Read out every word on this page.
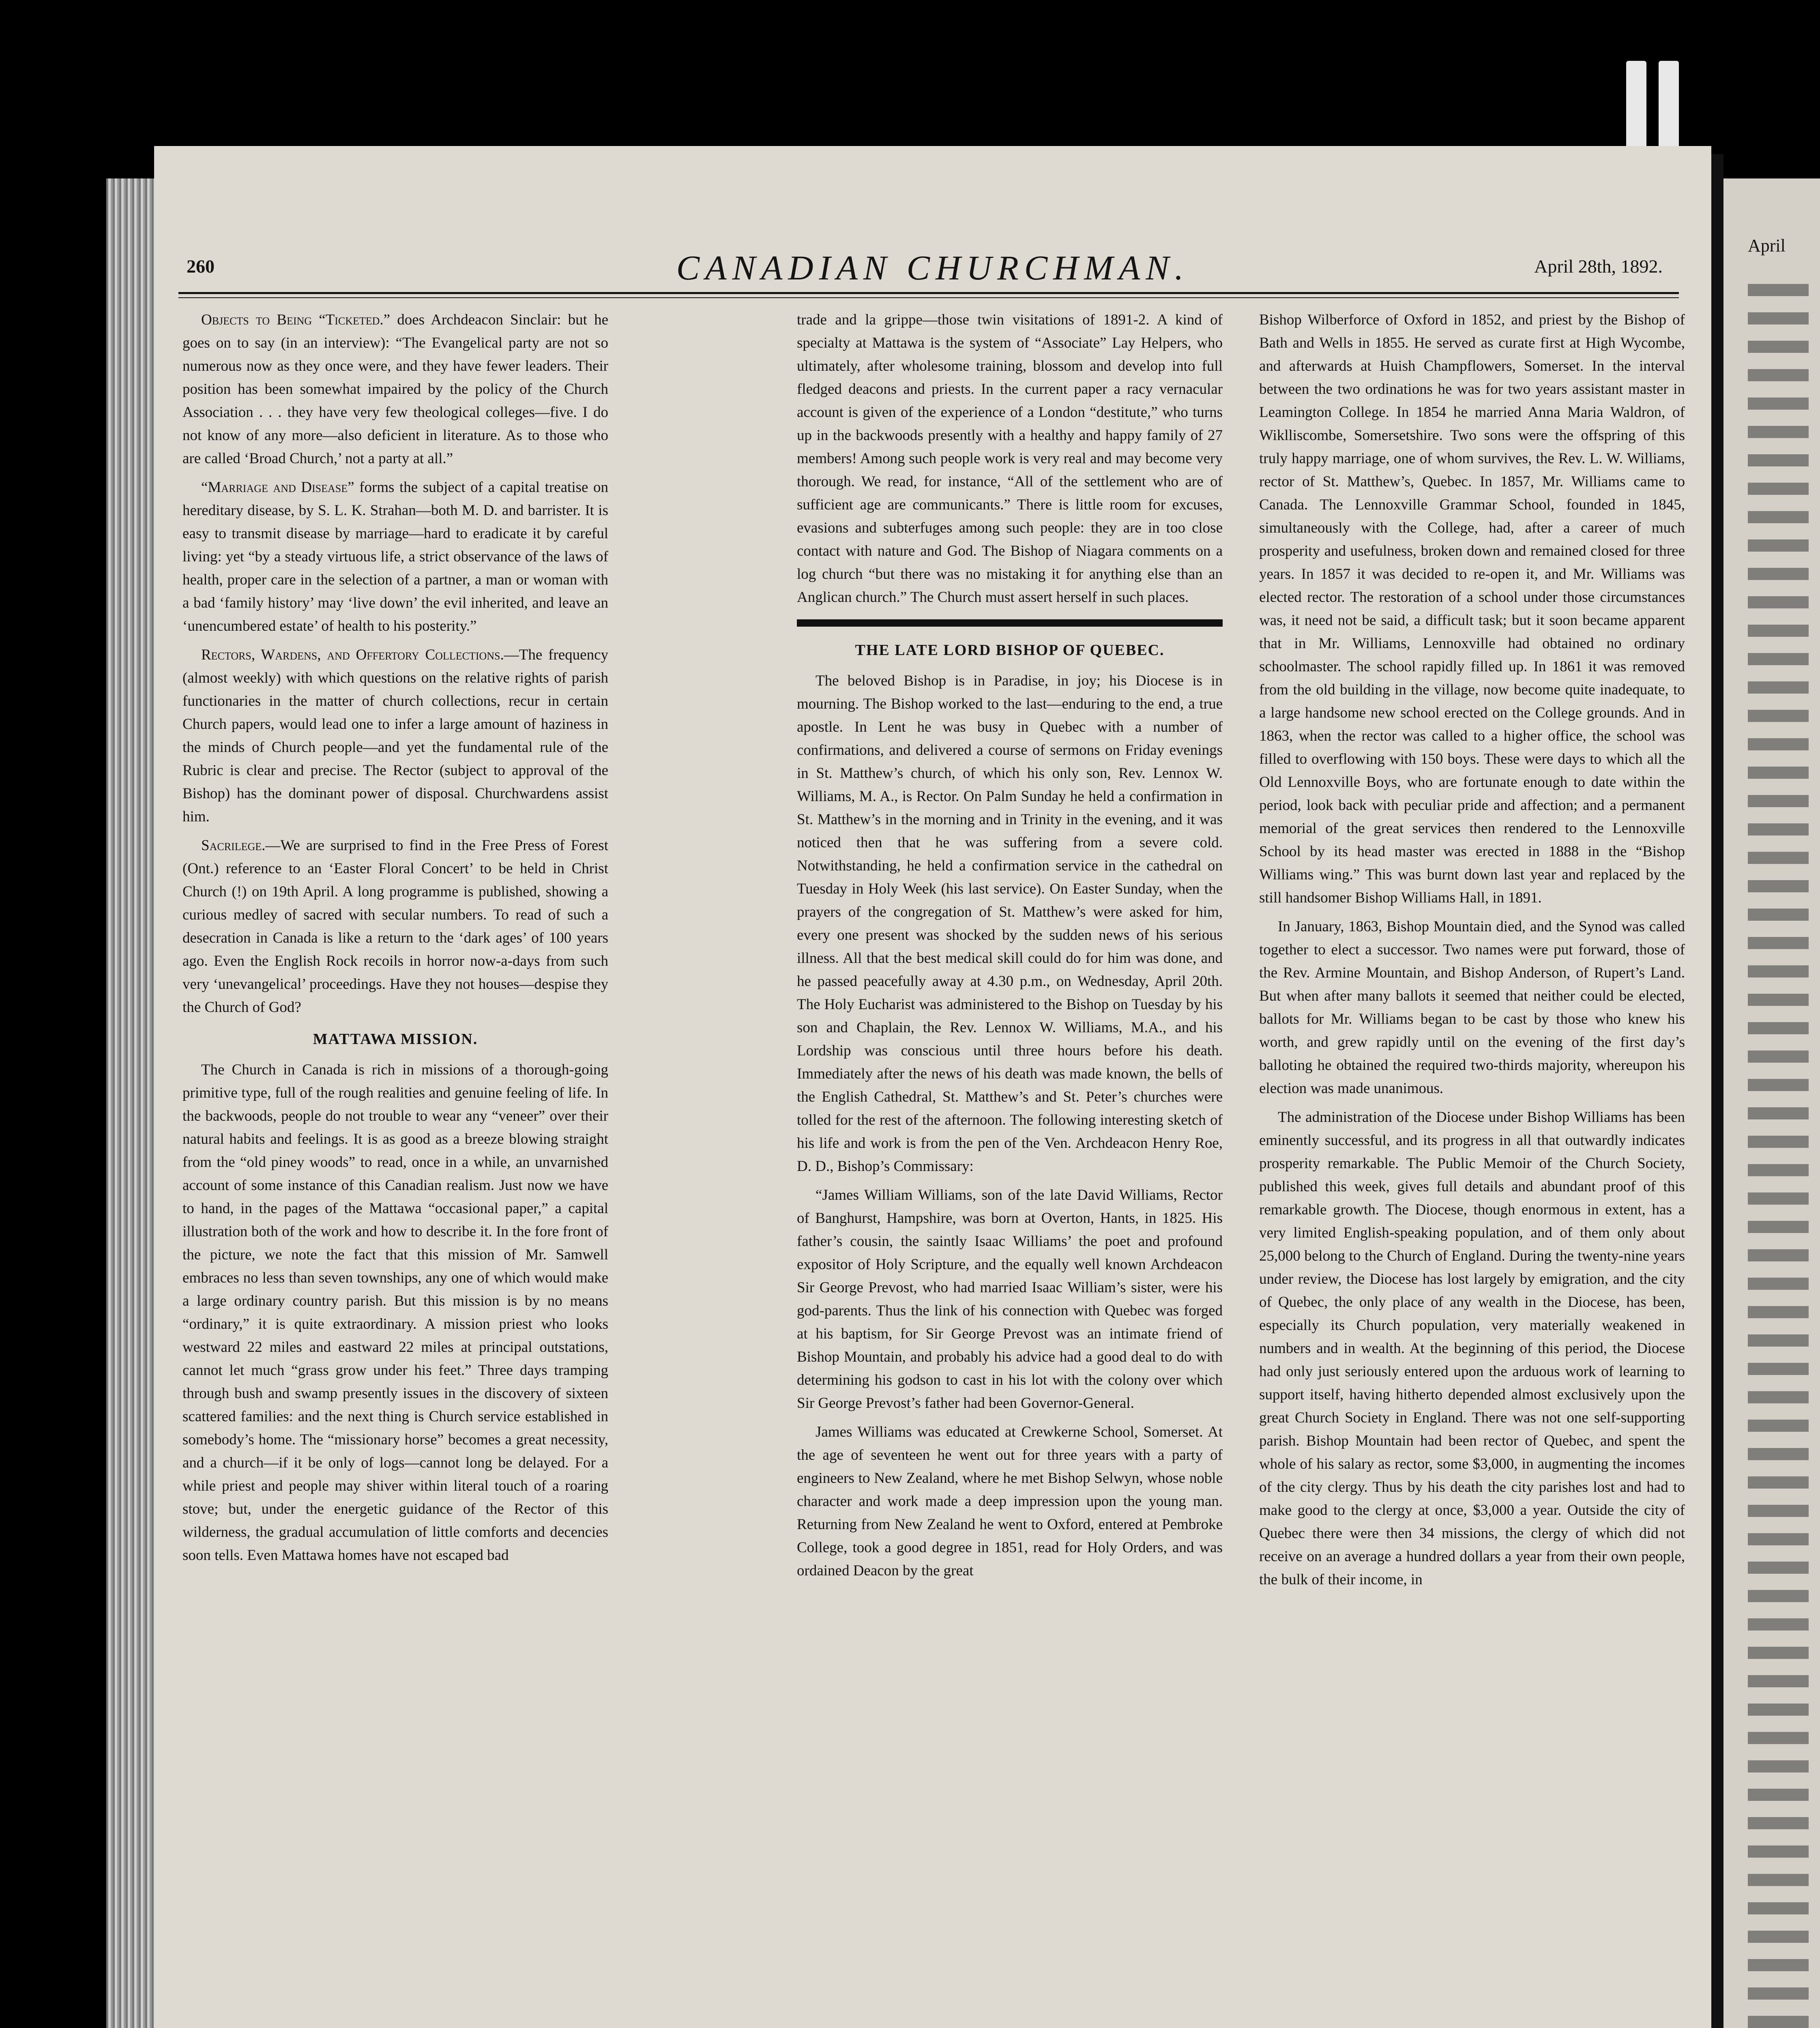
April
260	CANADIAN CHURCHMAN.	April 28th, 1892.

Objects to Being “Ticketed.” does Archdeacon Sinclair: but he goes on to say (in an interview): “The Evangelical party are not so numerous now as they once were, and they have fewer leaders. Their position has been somewhat impaired by the policy of the Church Association . . . they have very few theological colleges—five. I do not know of any more—also deficient in literature. As to those who are called ‘Broad Church,’ not a party at all.”

“Marriage and Disease” forms the subject of a capital treatise on hereditary disease, by S. L. K. Strahan—both M. D. and barrister. It is easy to transmit disease by marriage—hard to eradicate it by careful living: yet “by a steady virtuous life, a strict observance of the laws of health, proper care in the selection of a partner, a man or woman with a bad ‘family history’ may ‘live down’ the evil inherited, and leave an ‘unencumbered estate’ of health to his posterity.”

Rectors, Wardens, and Offertory Collections.—The frequency (almost weekly) with which questions on the relative rights of parish functionaries in the matter of church collections, recur in certain Church papers, would lead one to infer a large amount of haziness in the minds of Church people—and yet the fundamental rule of the Rubric is clear and precise. The Rector (subject to approval of the Bishop) has the dominant power of disposal. Churchwardens assist him.

Sacrilege.—We are surprised to find in the Free Press of Forest (Ont.) reference to an ‘Easter Floral Concert’ to be held in Christ Church (!) on 19th April. A long programme is published, showing a curious medley of sacred with secular numbers. To read of such a desecration in Canada is like a return to the ‘dark ages’ of 100 years ago. Even the English Rock recoils in horror now-a-days from such very ‘unevangelical’ proceedings. Have they not houses—despise they the Church of God?

MATTAWA MISSION.

The Church in Canada is rich in missions of a thorough-going primitive type, full of the rough realities and genuine feeling of life. In the backwoods, people do not trouble to wear any “veneer” over their natural habits and feelings. It is as good as a breeze blowing straight from the “old piney woods” to read, once in a while, an unvarnished account of some instance of this Canadian realism. Just now we have to hand, in the pages of the Mattawa “occasional paper,” a capital illustration both of the work and how to describe it. In the fore front of the picture, we note the fact that this mission of Mr. Samwell embraces no less than seven townships, any one of which would make a large ordinary country parish. But this mission is by no means “ordinary,” it is quite extraordinary. A mission priest who looks westward 22 miles and eastward 22 miles at principal outstations, cannot let much “grass grow under his feet.” Three days tramping through bush and swamp presently issues in the discovery of sixteen scattered families: and the next thing is Church service established in somebody’s home. The “missionary horse” becomes a great necessity, and a church—if it be only of logs—cannot long be delayed. For a while priest and people may shiver within literal touch of a roaring stove; but, under the energetic guidance of the Rector of this wilderness, the gradual accumulation of little comforts and decencies soon tells. Even Mattawa homes have not escaped bad

trade and la grippe—those twin visitations of 1891-2. A kind of specialty at Mattawa is the system of “Associate” Lay Helpers, who ultimately, after wholesome training, blossom and develop into full fledged deacons and priests. In the current paper a racy vernacular account is given of the experience of a London “destitute,” who turns up in the backwoods presently with a healthy and happy family of 27 members! Among such people work is very real and may become very thorough. We read, for instance, “All of the settlement who are of sufficient age are communicants.” There is little room for excuses, evasions and subterfuges among such people: they are in too close contact with nature and God. The Bishop of Niagara comments on a log church “but there was no mistaking it for anything else than an Anglican church.” The Church must assert herself in such places.

THE LATE LORD BISHOP OF QUEBEC.

The beloved Bishop is in Paradise, in joy; his Diocese is in mourning. The Bishop worked to the last—enduring to the end, a true apostle. In Lent he was busy in Quebec with a number of confirmations, and delivered a course of sermons on Friday evenings in St. Matthew’s church, of which his only son, Rev. Lennox W. Williams, M. A., is Rector. On Palm Sunday he held a confirmation in St. Matthew’s in the morning and in Trinity in the evening, and it was noticed then that he was suffering from a severe cold. Notwithstanding, he held a confirmation service in the cathedral on Tuesday in Holy Week (his last service). On Easter Sunday, when the prayers of the congregation of St. Matthew’s were asked for him, every one present was shocked by the sudden news of his serious illness. All that the best medical skill could do for him was done, and he passed peacefully away at 4.30 p.m., on Wednesday, April 20th. The Holy Eucharist was administered to the Bishop on Tuesday by his son and Chaplain, the Rev. Lennox W. Williams, M.A., and his Lordship was conscious until three hours before his death. Immediately after the news of his death was made known, the bells of the English Cathedral, St. Matthew’s and St. Peter’s churches were tolled for the rest of the afternoon. The following interesting sketch of his life and work is from the pen of the Ven. Archdeacon Henry Roe, D. D., Bishop’s Commissary:

“James William Williams, son of the late David Williams, Rector of Banghurst, Hampshire, was born at Overton, Hants, in 1825. His father’s cousin, the saintly Isaac Williams’ the poet and profound expositor of Holy Scripture, and the equally well known Archdeacon Sir George Prevost, who had married Isaac William’s sister, were his god-parents. Thus the link of his connection with Quebec was forged at his baptism, for Sir George Prevost was an intimate friend of Bishop Mountain, and probably his advice had a good deal to do with determining his godson to cast in his lot with the colony over which Sir George Prevost’s father had been Governor-General.

James Williams was educated at Crewkerne School, Somerset. At the age of seventeen he went out for three years with a party of engineers to New Zealand, where he met Bishop Selwyn, whose noble character and work made a deep impression upon the young man. Returning from New Zealand he went to Oxford, entered at Pembroke College, took a good degree in 1851, read for Holy Orders, and was ordained Deacon by the great

Bishop Wilberforce of Oxford in 1852, and priest by the Bishop of Bath and Wells in 1855. He served as curate first at High Wycombe, and afterwards at Huish Champflowers, Somerset. In the interval between the two ordinations he was for two years assistant master in Leamington College. In 1854 he married Anna Maria Waldron, of Wiklliscombe, Somersetshire. Two sons were the offspring of this truly happy marriage, one of whom survives, the Rev. L. W. Williams, rector of St. Matthew’s, Quebec. In 1857, Mr. Williams came to Canada. The Lennoxville Grammar School, founded in 1845, simultaneously with the College, had, after a career of much prosperity and usefulness, broken down and remained closed for three years. In 1857 it was decided to re-open it, and Mr. Williams was elected rector. The restoration of a school under those circumstances was, it need not be said, a difficult task; but it soon became apparent that in Mr. Williams, Lennoxville had obtained no ordinary schoolmaster. The school rapidly filled up. In 1861 it was removed from the old building in the village, now become quite inadequate, to a large handsome new school erected on the College grounds. And in 1863, when the rector was called to a higher office, the school was filled to overflowing with 150 boys. These were days to which all the Old Lennoxville Boys, who are fortunate enough to date within the period, look back with peculiar pride and affection; and a permanent memorial of the great services then rendered to the Lennoxville School by its head master was erected in 1888 in the “Bishop Williams wing.” This was burnt down last year and replaced by the still handsomer Bishop Williams Hall, in 1891.

In January, 1863, Bishop Mountain died, and the Synod was called together to elect a successor. Two names were put forward, those of the Rev. Armine Mountain, and Bishop Anderson, of Rupert’s Land. But when after many ballots it seemed that neither could be elected, ballots for Mr. Williams began to be cast by those who knew his worth, and grew rapidly until on the evening of the first day’s balloting he obtained the required two-thirds majority, whereupon his election was made unanimous.

The administration of the Diocese under Bishop Williams has been eminently successful, and its progress in all that outwardly indicates prosperity remarkable. The Public Memoir of the Church Society, published this week, gives full details and abundant proof of this remarkable growth. The Diocese, though enormous in extent, has a very limited English-speaking population, and of them only about 25,000 belong to the Church of England. During the twenty-nine years under review, the Diocese has lost largely by emigration, and the city of Quebec, the only place of any wealth in the Diocese, has been, especially its Church population, very materially weakened in numbers and in wealth. At the beginning of this period, the Diocese had only just seriously entered upon the arduous work of learning to support itself, having hitherto depended almost exclusively upon the great Church Society in England. There was not one self-supporting parish. Bishop Mountain had been rector of Quebec, and spent the whole of his salary as rector, some $3,000, in augmenting the incomes of the city clergy. Thus by his death the city parishes lost and had to make good to the clergy at once, $3,000 a year. Outside the city of Quebec there were then 34 missions, the clergy of which did not receive on an average a hundred dollars a year from their own people, the bulk of their income, in
